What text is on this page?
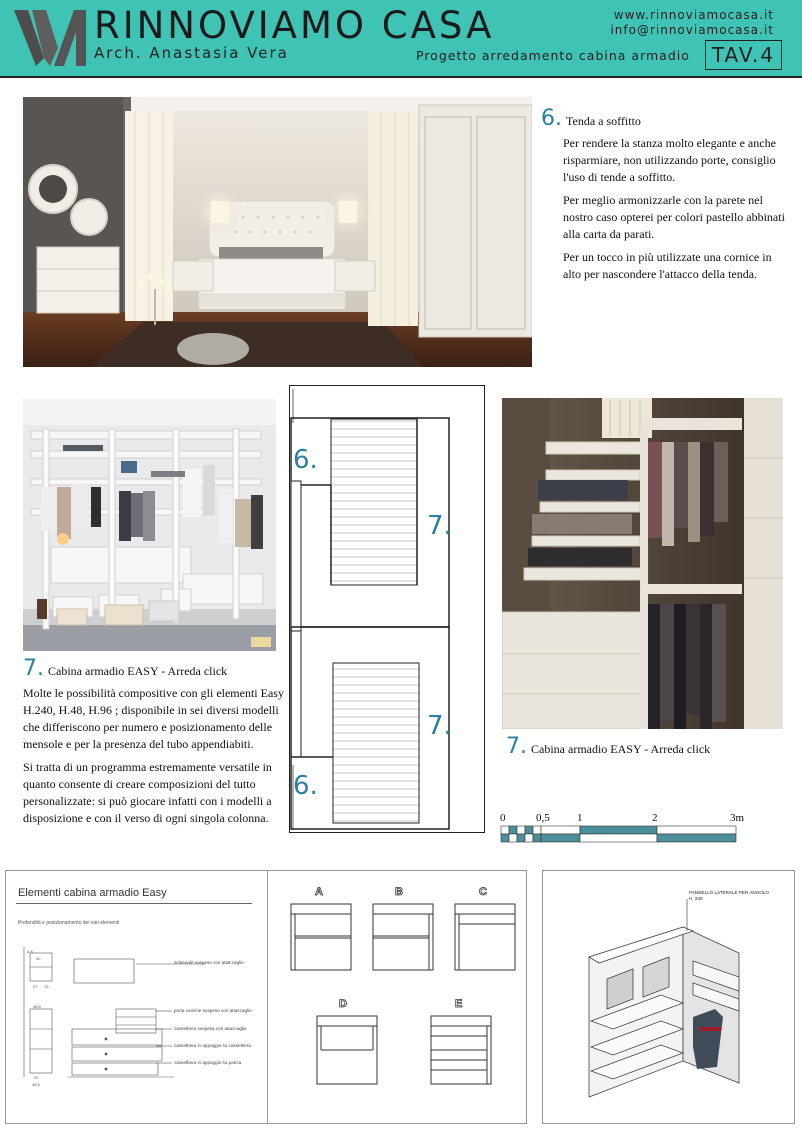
RINNOVIAMO CASA
Arch. Anastasia Vera
www.rinnoviamocasa.it
info@rinnoviamocasa.it
Progetto arredamento cabina armadio	TAV.4
6. Tenda a soffitto

Per rendere la stanza molto elegante e anche risparmiare, non utilizzando porte, consiglio l'uso di tende a soffitto.

Per meglio armonizzarle con la parete nel nostro caso opterei per colori pastello abbinati alla carta da parati.

Per un tocco in più utilizzate una cornice in alto per nascondere l'attacco della tenda.

7. Cabina armadio EASY - Arreda click

Molte le possibilità compositive con gli elementi Easy H.240, H.48, H.96 ; disponibile in sei diversi modelli che differiscono per numero e posizionamento delle mensole e per la presenza del tubo appendiabiti.

Si tratta di un programma estremamente versatile in quanto consente di creare composizioni del tutto personalizzate: si può giocare infatti con i modelli a disposizione e con il verso di ogni singola colonna.

6.
7.
7.
6.
7. Cabina armadio EASY - Arreda click
0	0,5 1	2	3m
Elementi cabina armadio Easy
Profondità e posizionamento dei vari elementi
schienale sospeso con attaccaglie
porta camicie sospeso con attaccaglie
cassettiera sospesa con attaccaglie
cassettiera in appoggio su cassettiera
cassettiera in appoggio su panca
8,8
40
27 13
46,8
47
48,5
A	B	C
D	E
PANNELLO LATERALE PER ANGOLO
H. 240
